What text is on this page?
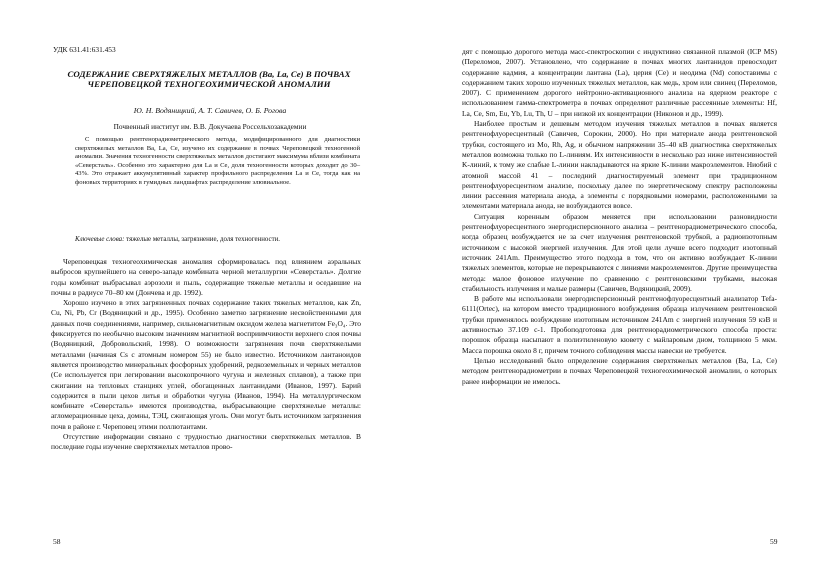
УДК 631.41:631.453
СОДЕРЖАНИЕ СВЕРХТЯЖЕЛЫХ МЕТАЛЛОВ (Ba, La, Ce) В ПОЧВАХ ЧЕРЕПОВЕЦКОЙ ТЕХНОГЕОХИМИЧЕСКОЙ АНОМАЛИИ
Ю. Н. Водяницкий, А. Т. Савичев, О. Б. Рогова
Почвенный институт им. В.В. Докучаева Россельхозакадемии

С помощью рентгенорадиометрического метода, модифицированного для диагностики сверхтяжелых металлов Ba, La, Ce, изучено их содержание в почвах Череповецкой техногенной аномалии. Значения техногенности сверхтяжелых металлов достигают максимума вблизи комбината «Северсталь». Особенно это характерно для La и Ce, доля техногенности которых доходит до 30–43%. Это отражает аккумулятивный характер профильного распределения La и Ce, тогда как на фоновых территориях в гумидных ландшафтах распределение элювиальное.

Ключевые слова: тяжелые металлы, загрязнение, доля техногенности.

Череповецкая техногеохимическая аномалия сформировалась под влиянием аэральных выбросов крупнейшего на северо-западе комбината черной металлургии «Северсталь». Долгие годы комбинат выбрасывал аэрозоли и пыль, содержащие тяжелые металлы и оседавшие на почвы в радиусе 70–80 км (Дончева и др. 1992).

Хорошо изучено в этих загрязненных почвах содержание таких тяжелых металлов, как Zn, Cu, Ni, Pb, Cr (Водяницкий и др., 1995). Особенно заметно загрязнение несвойственными для данных почв соединениями, например, сильномагнитным оксидом железа магнетитом Fe₃O₄. Это фиксируется по необычно высоким значениям магнитной восприимчивости верхнего слоя почвы (Водяницкий, Добровольский, 1998). О возможности загрязнения почв сверхтяжелыми металлами (начиная Cs с атомным номером 55) не было известно. Источником лантаноидов является производство минеральных фосфорных удобрений, редкоземельных и черных металлов (Ce используется при легировании высокопрочного чугуна и железных сплавов), а также при сжигании на тепловых станциях углей, обогащенных лантанидами (Иванов, 1997). Барий содержится в пыли цехов литья и обработки чугуна (Иванов, 1994). На металлургическом комбинате «Северсталь» имеются производства, выбрасывающие сверхтяжелые металлы: агломерационные цеха, домны, ТЭЦ, сжигающая уголь. Они могут быть источником загрязнения почв в районе г. Череповец этими поллютантами.

Отсутствие информации связано с трудностью диагностики сверхтяжелых металлов. В последние годы изучение сверхтяжелых металлов прово-

58

дят с помощью дорогого метода масс-спектроскопии с индуктивно связанной плазмой (ICP MS) (Переломов, 2007). Установлено, что содержание в почвах многих лантанидов превосходит содержание кадмия, а концентрации лантана (La), церия (Ce) и неодима (Nd) сопоставимы с содержанием таких хорошо изученных тяжелых металлов, как медь, хром или свинец (Переломов, 2007). С применением дорогого нейтронно-активационного анализа на ядерном реакторе с использованием гамма-спектрометра в почвах определяют различные рассеянные элементы: Hf, La, Ce, Sm, Eu, Yb, Lu, Th, U – при низкой их концентрации (Никонов и др., 1999).

Наиболее простым и дешевым методом изучения тяжелых металлов в почвах является рентгенофлуоресцентный (Савичев, Сорокин, 2000). Но при материале анода рентгеновской трубки, состоящего из Mo, Rh, Ag, и обычном напряжении 35–40 кВ диагностика сверхтяжелых металлов возможна только по L-линиям. Их интенсивности в несколько раз ниже интенсивностей K-линий, к тому же слабые L-линии накладываются на яркие K-линии макроэлементов. Ниобий с атомной массой 41 – последний диагностируемый элемент при традиционном рентгенофлуоресцентном анализе, поскольку далее по энергетическому спектру расположены линии рассеяния материала анода, а элементы с порядковыми номерами, расположенными за элементами материала анода, не возбуждаются вовсе.

Ситуация коренным образом меняется при использовании разновидности рентгенофлуоресцентного энергодисперсионного анализа – рентгенорадиометрического способа, когда образец возбуждается не за счет излучения рентгеновской трубкой, а радиоизотопным источником с высокой энергией излучения. Для этой цели лучше всего подходит изотопный источник 241Am. Преимущество этого подхода в том, что он активно возбуждает K-линии тяжелых элементов, которые не перекрываются с линиями макроэлементов. Другие преимущества метода: малое фоновое излучение по сравнению с рентгеновскими трубками, высокая стабильность излучения и малые размеры (Савичев, Водяницкий, 2009).

В работе мы использовали энергодисперсионный рентгенофлуоресцентный анализатор Tefa-6111(Ortec), на котором вместо традиционного возбуждения образца излучением рентгеновской трубки применялось возбуждение изотопным источником 241Am с энергией излучения 59 кэВ и активностью 37.109 с-1. Пробоподготовка для рентгенорадиометрического способа проста: порошок образца насыпают в полиэтиленовую кювету с майларовым дном, толщиною 5 мкм. Масса порошка около 8 г, причем точного соблюдения массы навески не требуется.

Целью исследований было определение содержания сверхтяжелых металлов (Ba, La, Ce) методом рентгенорадиометрии в почвах Череповецкой техногеохимической аномалии, о которых ранее информации не имелось.

59
